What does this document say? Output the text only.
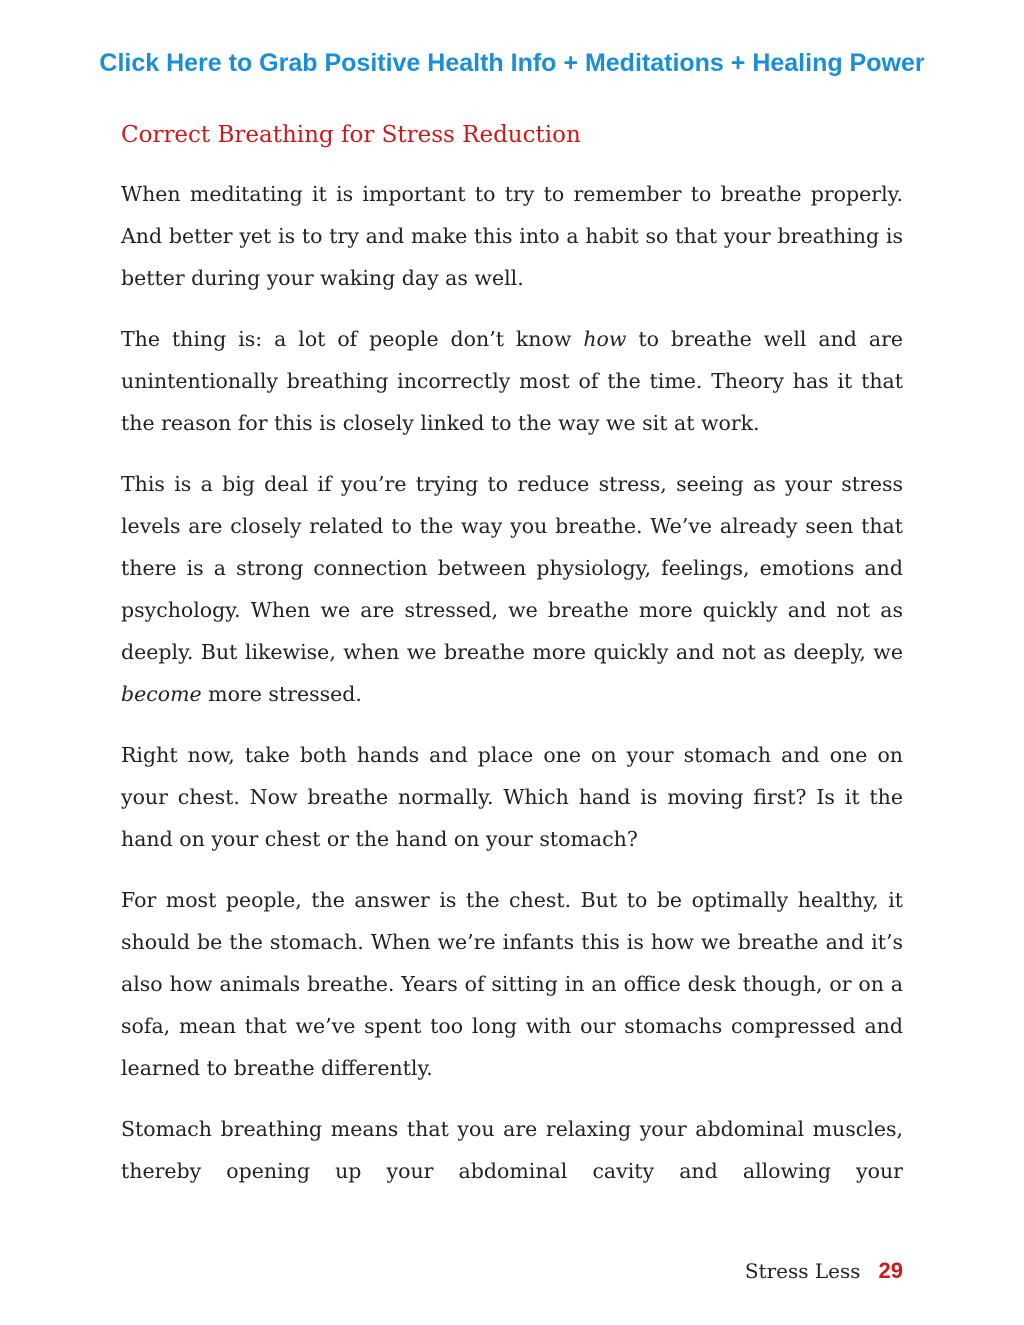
Click Here to Grab Positive Health Info + Meditations + Healing Power
Correct Breathing for Stress Reduction

When meditating it is important to try to remember to breathe properly. And better yet is to try and make this into a habit so that your breathing is better during your waking day as well.

The thing is: a lot of people don’t know how to breathe well and are unintentionally breathing incorrectly most of the time. Theory has it that the reason for this is closely linked to the way we sit at work.

This is a big deal if you’re trying to reduce stress, seeing as your stress levels are closely related to the way you breathe. We’ve already seen that there is a strong connection between physiology, feelings, emotions and psychology. When we are stressed, we breathe more quickly and not as deeply. But likewise, when we breathe more quickly and not as deeply, we become more stressed.

Right now, take both hands and place one on your stomach and one on your chest. Now breathe normally. Which hand is moving first? Is it the hand on your chest or the hand on your stomach?

For most people, the answer is the chest. But to be optimally healthy, it should be the stomach. When we’re infants this is how we breathe and it’s also how animals breathe. Years of sitting in an office desk though, or on a sofa, mean that we’ve spent too long with our stomachs compressed and learned to breathe differently.

Stomach breathing means that you are relaxing your abdominal muscles, thereby opening up your abdominal cavity and allowing your

Stress Less 29
